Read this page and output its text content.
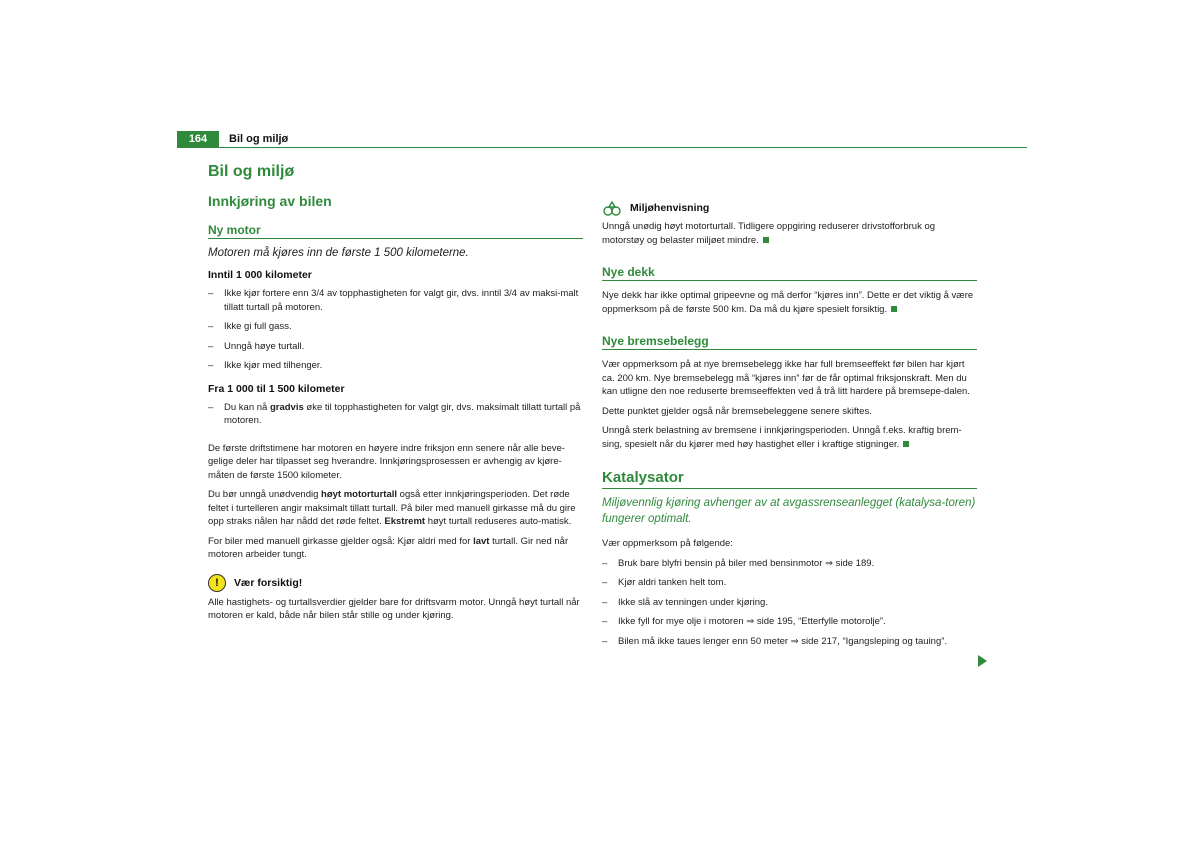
164	Bil og miljø
Bil og miljø
Innkjøring av bilen
Ny motor
Motoren må kjøres inn de første 1 500 kilometerne.
Inntil 1 000 kilometer
– Ikke kjør fortere enn 3/4 av topphastigheten for valgt gir, dvs. inntil 3/4 av maksi-malt tillatt turtall på motoren.
– Ikke gi full gass.
– Unngå høye turtall.
– Ikke kjør med tilhenger.
Fra 1 000 til 1 500 kilometer
– Du kan nå gradvis øke til topphastigheten for valgt gir, dvs. maksimalt tillatt turtall på motoren.

De første driftstimene har motoren en høyere indre friksjon enn senere når alle beve-gelige deler har tilpasset seg hverandre. Innkjøringsprosessen er avhengig av kjøre-måten de første 1500 kilometer.

Du bør unngå unødvendig høyt motorturtall også etter innkjøringsperioden. Det røde feltet i turtelleren angir maksimalt tillatt turtall. På biler med manuell girkasse må du gire opp straks nålen har nådd det røde feltet. Ekstremt høyt turtall reduseres auto-matisk.

For biler med manuell girkasse gjelder også: Kjør aldri med for lavt turtall. Gir ned når motoren arbeider tungt.

!	Vær forsiktig!

Alle hastighets- og turtallsverdier gjelder bare for driftsvarm motor. Unngå høyt turtall når motoren er kald, både når bilen står stille og under kjøring.

Miljøhenvisning

Unngå unødig høyt motorturtall. Tidligere oppgiring reduserer drivstofforbruk og motorstøy og belaster miljøet mindre.

Nye dekk

Nye dekk har ikke optimal gripeevne og må derfor “kjøres inn”. Dette er det viktig å være oppmerksom på de første 500 km. Da må du kjøre spesielt forsiktig.

Nye bremsebelegg

Vær oppmerksom på at nye bremsebelegg ikke har full bremseeffekt før bilen har kjørt ca. 200 km. Nye bremsebelegg må “kjøres inn” før de får optimal friksjonskraft. Men du kan utligne den noe reduserte bremseeffekten ved å trå litt hardere på bremsepe-dalen.

Dette punktet gjelder også når bremsebeleggene senere skiftes.

Unngå sterk belastning av bremsene i innkjøringsperioden. Unngå f.eks. kraftig brem-sing, spesielt når du kjører med høy hastighet eller i kraftige stigninger.

Katalysator
Miljøvennlig kjøring avhenger av at avgassrenseanlegget (katalysa-toren) fungerer optimalt.

Vær oppmerksom på følgende:

– Bruk bare blyfri bensin på biler med bensinmotor ⇒ side 189.
– Kjør aldri tanken helt tom.
– Ikke slå av tenningen under kjøring.
– Ikke fyll for mye olje i motoren ⇒ side 195, “Etterfylle motorolje”.
– Bilen må ikke taues lenger enn 50 meter ⇒ side 217, “Igangsleping og tauing”.
